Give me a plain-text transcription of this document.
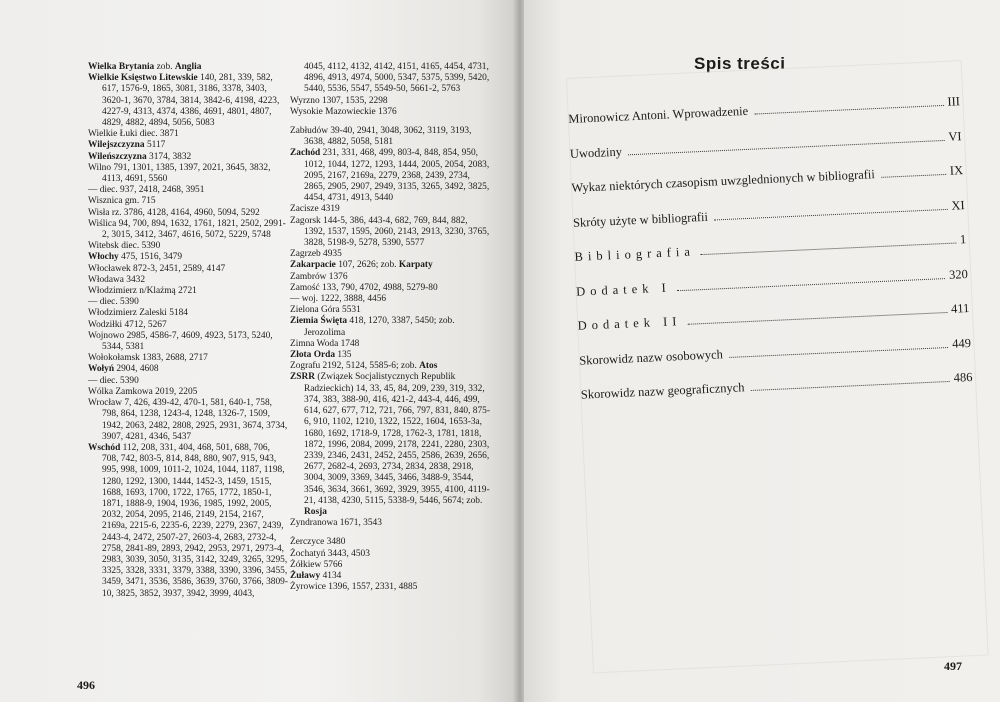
Wielka Brytania zob. Anglia
Wielkie Księstwo Litewskie 140, 281, 339, 582, 617, 1576-9, 1865, 3081, 3186, 3378, 3403, 3620-1, 3670, 3784, 3814, 3842-6, 4198, 4223, 4227-9, 4313, 4374, 4386, 4691, 4801, 4807, 4829, 4882, 4894, 5056, 5083
Wielkie Łuki diec. 3871
Wilejszczyzna 5117
Wileńszczyzna 3174, 3832
Wilno 791, 1301, 1385, 1397, 2021, 3645, 3832, 4113, 4691, 5560
— diec. 937, 2418, 2468, 3951
Wisznica gm. 715
Wisła rz. 3786, 4128, 4164, 4960, 5094, 5292
Wiślica 94, 700, 894, 1632, 1761, 1821, 2502, 2991-2, 3015, 3412, 3467, 4616, 5072, 5229, 5748
Witebsk diec. 5390
Włochy 475, 1516, 3479
Włocławek 872-3, 2451, 2589, 4147
Włodawa 3432
Włodzimierz n/Klaźmą 2721
— diec. 5390
Włodzimierz Zaleski 5184
Wodziłki 4712, 5267
Wojnowo 2985, 4586-7, 4609, 4923, 5173, 5240, 5344, 5381
Wołokołamsk 1383, 2688, 2717
Wołyń 2904, 4608
— diec. 5390
Wólka Zamkowa 2019, 2205
Wrocław 7, 426, 439-42, 470-1, 581, 640-1, 758, 798, 864, 1238, 1243-4, 1248, 1326-7, 1509, 1942, 2063, 2482, 2808, 2925, 2931, 3674, 3734, 3907, 4281, 4346, 5437
Wschód 112, 208, 331, 404, 468, 501, 688, 706, 708, 742, 803-5, 814, 848, 880, 907, 915, 943, 995, 998, 1009, 1011-2, 1024, 1044, 1187, 1198, 1280, 1292, 1300, 1444, 1452-3, 1459, 1515, 1688, 1693, 1700, 1722, 1765, 1772, 1850-1, 1871, 1888-9, 1904, 1936, 1985, 1992, 2005, 2032, 2054, 2095, 2146, 2149, 2154, 2167, 2169a, 2215-6, 2235-6, 2239, 2279, 2367, 2439, 2443-4, 2472, 2507-27, 2603-4, 2683, 2732-4, 2758, 2841-89, 2893, 2942, 2953, 2971, 2973-4, 2983, 3039, 3050, 3135, 3142, 3249, 3265, 3295, 3325, 3328, 3331, 3379, 3388, 3390, 3396, 3455, 3459, 3471, 3536, 3586, 3639, 3760, 3766, 3809-10, 3825, 3852, 3937, 3942, 3999, 4043,
4045, 4112, 4132, 4142, 4151, 4165, 4454, 4731, 4896, 4913, 4974, 5000, 5347, 5375, 5399, 5420, 5440, 5536, 5547, 5549-50, 5661-2, 5763
Wyrzno 1307, 1535, 2298
Wysokie Mazowieckie 1376
Zabłudów 39-40, 2941, 3048, 3062, 3119, 3193, 3638, 4882, 5058, 5181
Zachód 231, 331, 468, 499, 803-4, 848, 854, 950, 1012, 1044, 1272, 1293, 1444, 2005, 2054, 2083, 2095, 2167, 2169a, 2279, 2368, 2439, 2734, 2865, 2905, 2907, 2949, 3135, 3265, 3492, 3825, 4454, 4731, 4913, 5440
Zacisze 4319
Zagorsk 144-5, 386, 443-4, 682, 769, 844, 882, 1392, 1537, 1595, 2060, 2143, 2913, 3230, 3765, 3828, 5198-9, 5278, 5390, 5577
Zagrzeb 4935
Zakarpacie 107, 2626; zob. Karpaty
Zambrów 1376
Zamość 133, 790, 4702, 4988, 5279-80
— woj. 1222, 3888, 4456
Zielona Góra 5531
Ziemia Święta 418, 1270, 3387, 5450; zob. Jerozolima
Zimna Woda 1748
Złota Orda 135
Zografu 2192, 5124, 5585-6; zob. Atos
ZSRR (Związek Socjalistycznych Republik Radzieckich) 14, 33, 45, 84, 209, 239, 319, 332, 374, 383, 388-90, 416, 421-2, 443-4, 446, 499, 614, 627, 677, 712, 721, 766, 797, 831, 840, 875-6, 910, 1102, 1210, 1322, 1522, 1604, 1653-3a, 1680, 1692, 1718-9, 1728, 1762-3, 1781, 1818, 1872, 1996, 2084, 2099, 2178, 2241, 2280, 2303, 2339, 2346, 2431, 2452, 2455, 2586, 2639, 2656, 2677, 2682-4, 2693, 2734, 2834, 2838, 2918, 3004, 3009, 3369, 3445, 3466, 3488-9, 3544, 3546, 3634, 3661, 3692, 3929, 3955, 4100, 4119-21, 4138, 4230, 5115, 5338-9, 5446, 5674; zob. Rosja
Zyndranowa 1671, 3543
Żerczyce 3480
Żochatyń 3443, 4503
Żółkiew 5766
Żuławy 4134
Żyrowice 1396, 1557, 2331, 4885
496
Spis treści
Mironowicz Antoni. Wprowadzenie
III
Uwodziny
VI
Wykaz niektórych czasopism uwzglednionych w bibliografii	IX
Skróty użyte w bibliografii
XI
Bibliografia
1
Dodatek I
320
Dodatek II
411
Skorowidz nazw osobowych
449
Skorowidz nazw geograficznych
486
497
